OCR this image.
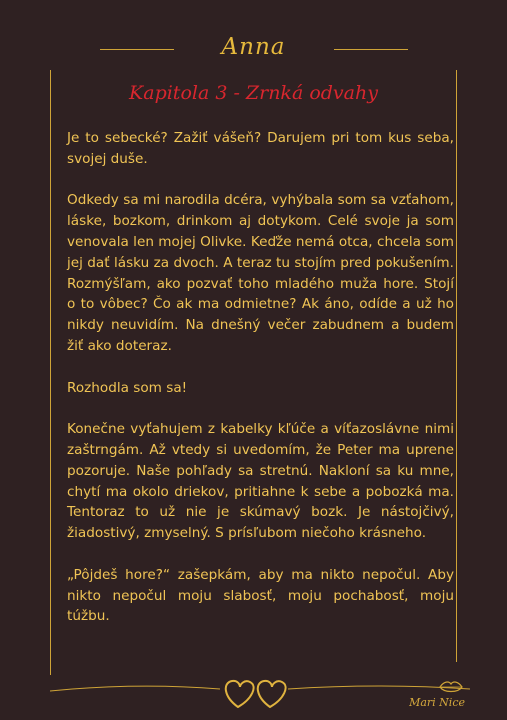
Anna
Kapitola 3 - Zrnká odvahy

Je to sebecké? Zažiť vášeň? Darujem pri tom kus seba, svojej duše.

Odkedy sa mi narodila dcéra, vyhýbala som sa vzťahom, láske, bozkom, drinkom aj dotykom. Celé svoje ja som venovala len mojej Olivke. Keďže nemá otca, chcela som jej dať lásku za dvoch. A teraz tu stojím pred pokušením. Rozmýšľam, ako pozvať toho mladého muža hore. Stojí o to vôbec? Čo ak ma odmietne? Ak áno, odíde a už ho nikdy neuvidím. Na dnešný večer zabudnem a budem žiť ako doteraz.

Rozhodla som sa!

Konečne vyťahujem z kabelky kľúče a víťazoslávne nimi zaštrngám. Až vtedy si uvedomím, že Peter ma uprene pozoruje. Naše pohľady sa stretnú. Nakloní sa ku mne, chytí ma okolo driekov, pritiahne k sebe a pobozká ma. Tentoraz to už nie je skúmavý bozk. Je nástojčivý, žiadostivý, zmyselný. S prísľubom niečoho krásneho.

„Pôjdeš hore?“ zašepkám, aby ma nikto nepočul. Aby nikto nepočul moju slabosť, moju pochabosť, moju túžbu.

Mari Nice
